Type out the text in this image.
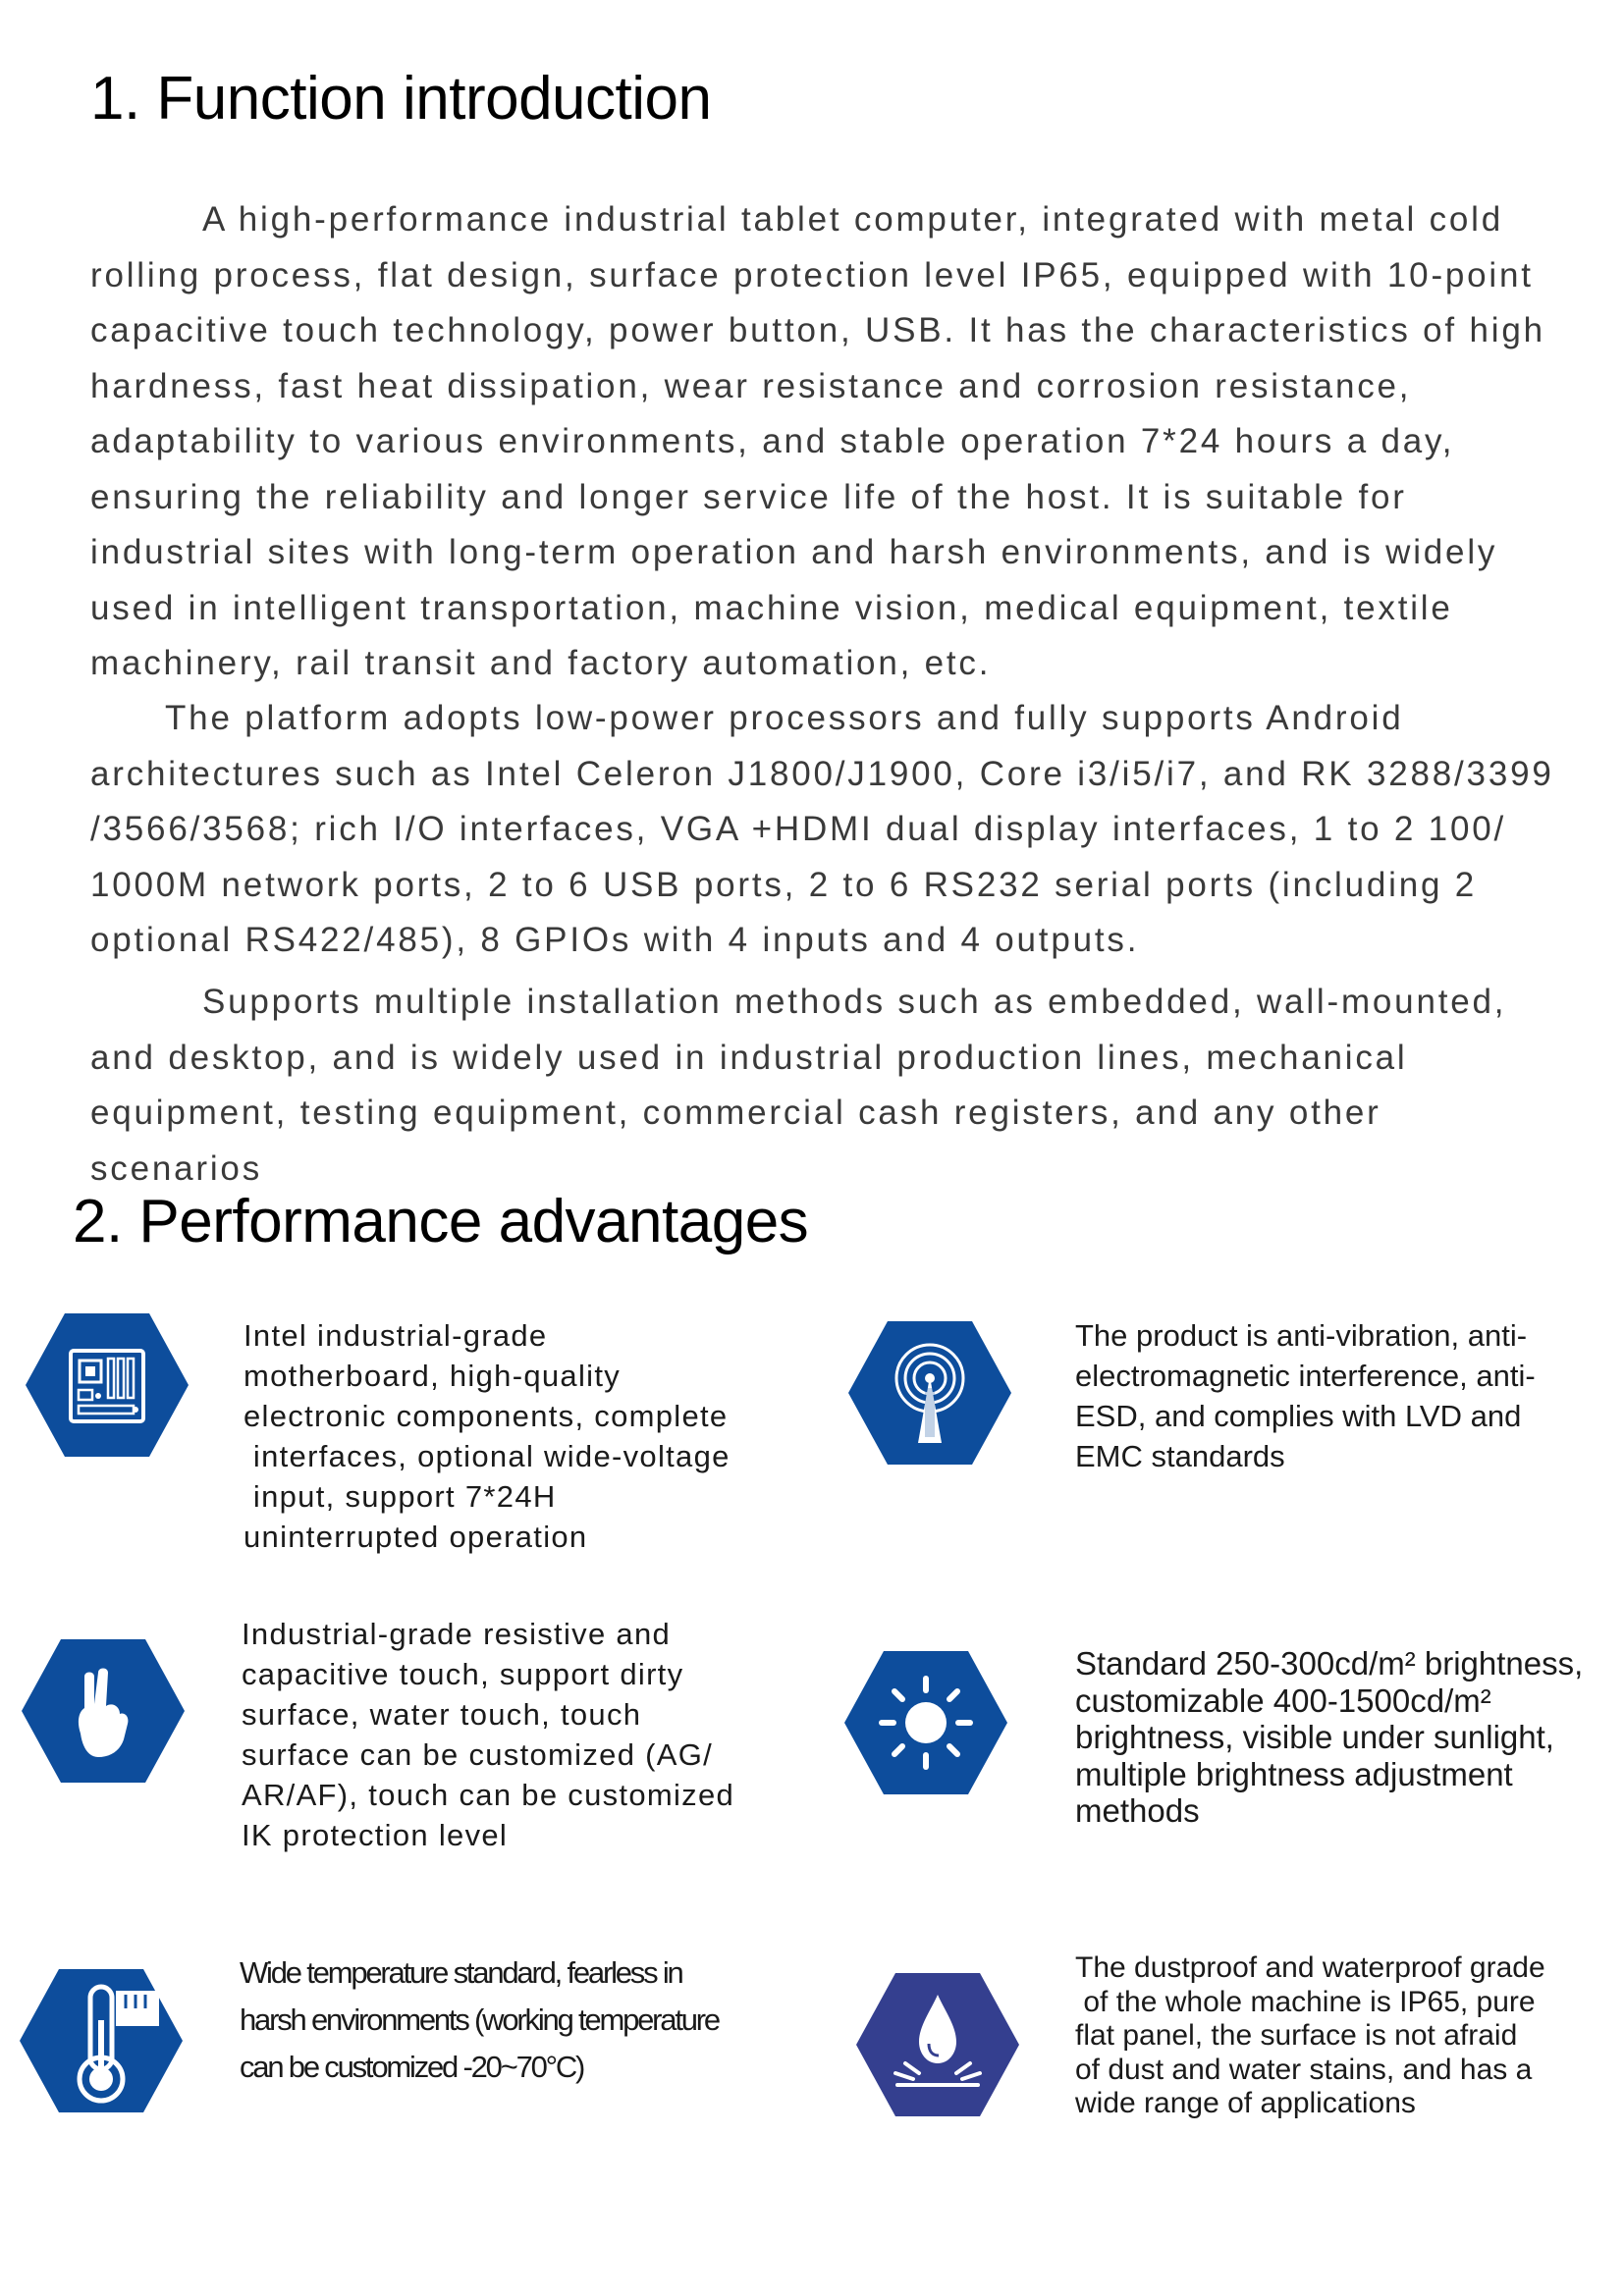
1. Function introduction
A high-performance industrial tablet computer, integrated with metal cold
rolling process, flat design, surface protection level IP65, equipped with 10-point
capacitive touch technology, power button, USB. It has the characteristics of high
hardness, fast heat dissipation, wear resistance and corrosion resistance,
adaptability to various environments, and stable operation 7*24 hours a day,
ensuring the reliability and longer service life of the host. It is suitable for
industrial sites with long-term operation and harsh environments, and is widely
used in intelligent transportation, machine vision, medical equipment, textile
machinery, rail transit and factory automation, etc.
The platform adopts low-power processors and fully supports Android
architectures such as Intel Celeron J1800/J1900, Core i3/i5/i7, and RK 3288/3399
/3566/3568; rich I/O interfaces, VGA +HDMI dual display interfaces, 1 to 2 100/
1000M network ports, 2 to 6 USB ports, 2 to 6 RS232 serial ports (including 2
optional RS422/485), 8 GPIOs with 4 inputs and 4 outputs.
Supports multiple installation methods such as embedded, wall-mounted,
and desktop, and is widely used in industrial production lines, mechanical
equipment, testing equipment, commercial cash registers, and any other
scenarios
2. Performance advantages
Intel industrial-grade
motherboard, high-quality
electronic components, complete
interfaces, optional wide-voltage
input, support 7*24H
uninterrupted operation
The product is anti-vibration, anti-
electromagnetic interference, anti-
ESD, and complies with LVD and
EMC standards
Industrial-grade resistive and
capacitive touch, support dirty
surface, water touch, touch
surface can be customized (AG/
AR/AF), touch can be customized
IK protection level
Standard 250-300cd/m² brightness,
customizable 400-1500cd/m²
brightness, visible under sunlight,
multiple brightness adjustment
methods
Wide temperature standard, fearless in
harsh environments (working temperature
can be customized -20~70°C)
The dustproof and waterproof grade
of the whole machine is IP65, pure
flat panel, the surface is not afraid
of dust and water stains, and has a
wide range of applications
